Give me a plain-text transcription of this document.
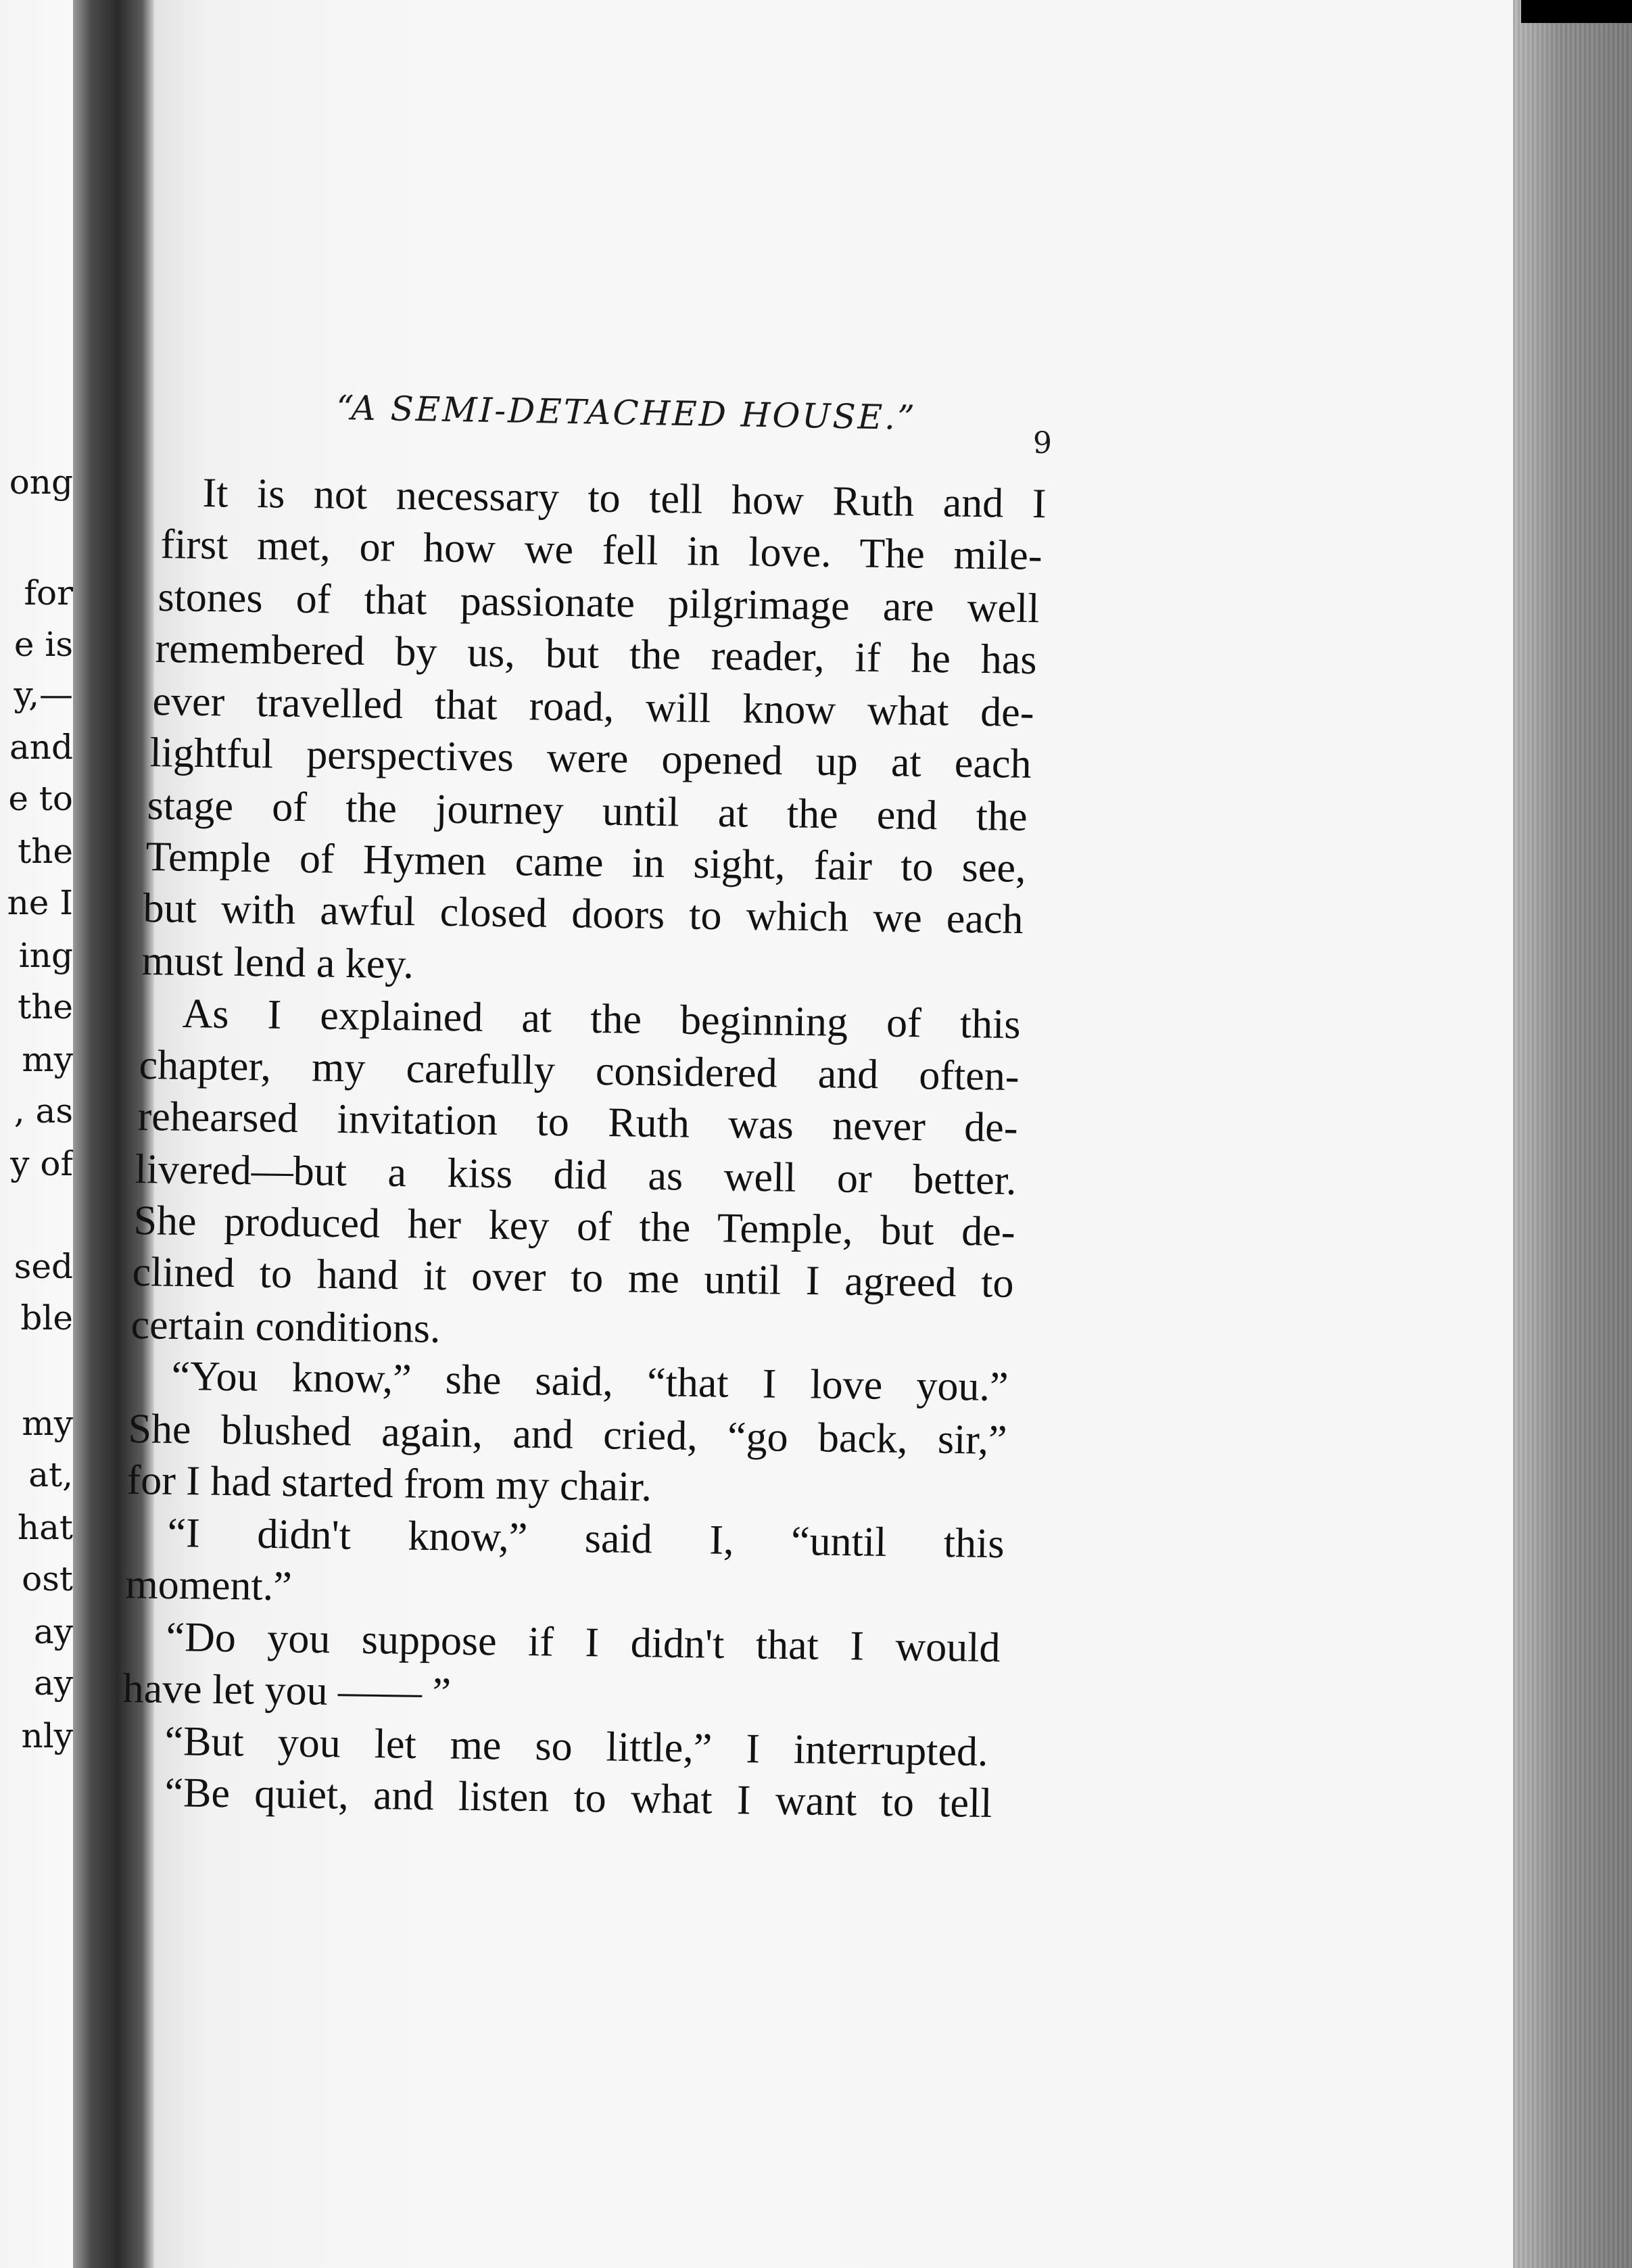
ong

for

e is

y,—

and

e to

the

ne I

ing

the

my

, as

y of

sed

ble

my

at,

hat

ost

ay

ay

nly

“A SEMI-DETACHED HOUSE.”

9

It is not necessary to tell how Ruth and I

first met, or how we fell in love. The mile-

stones of that passionate pilgrimage are well

remembered by us, but the reader, if he has

ever travelled that road, will know what de-

lightful perspectives were opened up at each

stage of the journey until at the end the

Temple of Hymen came in sight, fair to see,

but with awful closed doors to which we each

must lend a key.

As I explained at the beginning of this

chapter, my carefully considered and often-

rehearsed invitation to Ruth was never de-

livered—but a kiss did as well or better.

She produced her key of the Temple, but de-

clined to hand it over to me until I agreed to

certain conditions.

“You know,” she said, “that I love you.”

She blushed again, and cried, “go back, sir,”

for I had started from my chair.

“I didn't know,” said I, “until this

moment.”

“Do you suppose if I didn't that I would

have let you —— ”

“But you let me so little,” I interrupted.

“Be quiet, and listen to what I want to tell
